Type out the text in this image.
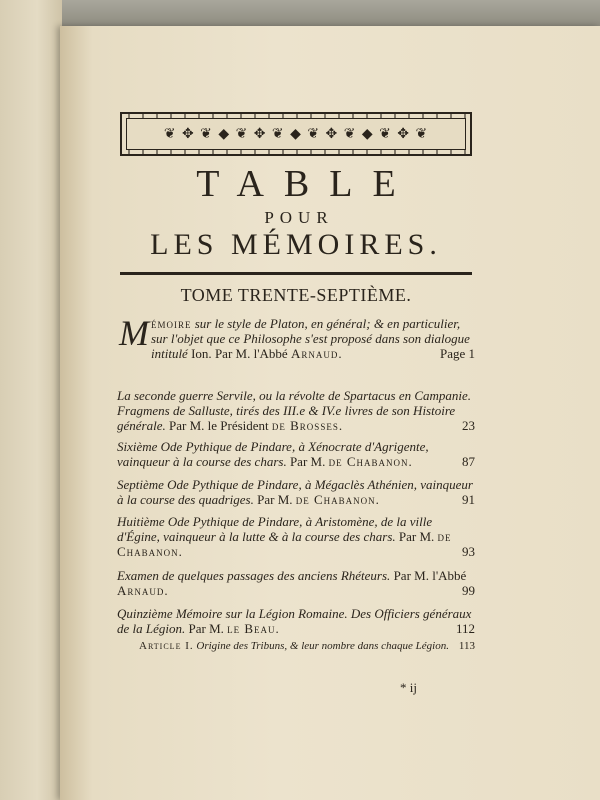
❦ ✥ ❦ ◆ ❦ ✥ ❦ ◆ ❦ ✥ ❦ ◆ ❦ ✥ ❦
TABLE
POUR
LES MÉMOIRES.
TOME TRENTE-SEPTIÈME.
Mémoire sur le style de Platon, en général; & en particulier, sur l'objet que ce Philosophe s'est proposé dans son dialogue intitulé Ion. Par M. l'Abbé Arnaud.	Page 1
La seconde guerre Servile, ou la révolte de Spartacus en Campanie. Fragmens de Salluste, tirés des III.e & IV.e livres de son Histoire générale. Par M. le Président de Brosses.	23
Sixième Ode Pythique de Pindare, à Xénocrate d'Agrigente, vainqueur à la course des chars. Par M. de Chabanon.	87
Septième Ode Pythique de Pindare, à Mégaclès Athénien, vainqueur à la course des quadriges. Par M. de Chabanon.	91
Huitième Ode Pythique de Pindare, à Aristomène, de la ville d'Égine, vainqueur à la lutte & à la course des chars. Par M. de Chabanon.	93
Examen de quelques passages des anciens Rhéteurs. Par M. l'Abbé Arnaud.	99
Quinzième Mémoire sur la Légion Romaine. Des Officiers généraux de la Légion. Par M. le Beau.	112
Article I. Origine des Tribuns, & leur nombre dans chaque Légion. 113
* ij
